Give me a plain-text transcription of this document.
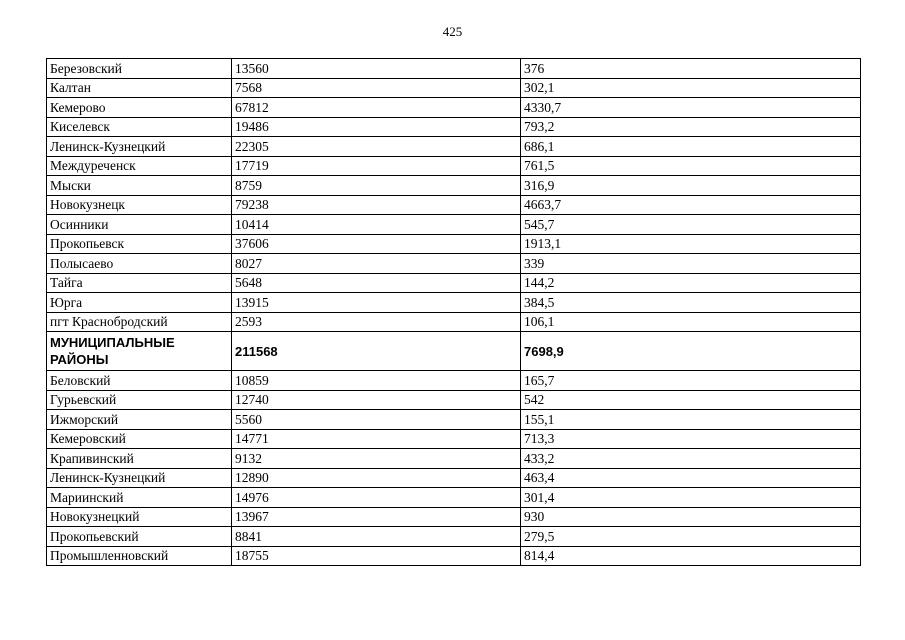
425
Березовский	13560	376
Калтан	7568	302,1
Кемерово	67812	4330,7
Киселевск	19486	793,2
Ленинск-Кузнецкий	22305	686,1
Междуреченск	17719	761,5
Мыски	8759	316,9
Новокузнецк	79238	4663,7
Осинники	10414	545,7
Прокопьевск	37606	1913,1
Полысаево	8027	339
Тайга	5648	144,2
Юрга	13915	384,5
пгт Краснобродский	2593	106,1
МУНИЦИПАЛЬНЫЕ РАЙОНЫ	211568	7698,9
Беловский	10859	165,7
Гурьевский	12740	542
Ижморский	5560	155,1
Кемеровский	14771	713,3
Крапивинский	9132	433,2
Ленинск-Кузнецкий	12890	463,4
Мариинский	14976	301,4
Новокузнецкий	13967	930
Прокопьевский	8841	279,5
Промышленновский	18755	814,4
